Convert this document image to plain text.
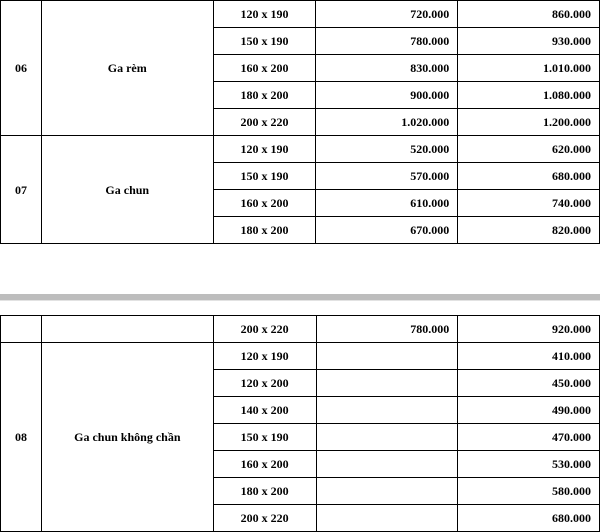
06	Ga rèm	120 x 190	720.000	860.000
		150 x 190	780.000	930.000
		160 x 200	830.000	1.010.000
		180 x 200	900.000	1.080.000
		200 x 220	1.020.000	1.200.000
07	Ga chun	120 x 190	520.000	620.000
		150 x 190	570.000	680.000
		160 x 200	610.000	740.000
		180 x 200	670.000	820.000
		200 x 220	780.000	920.000
08	Ga chun không chần	120 x 190		410.000
		120 x 200		450.000
		140 x 200		490.000
		150 x 190		470.000
		160 x 200		530.000
		180 x 200		580.000
		200 x 220		680.000
